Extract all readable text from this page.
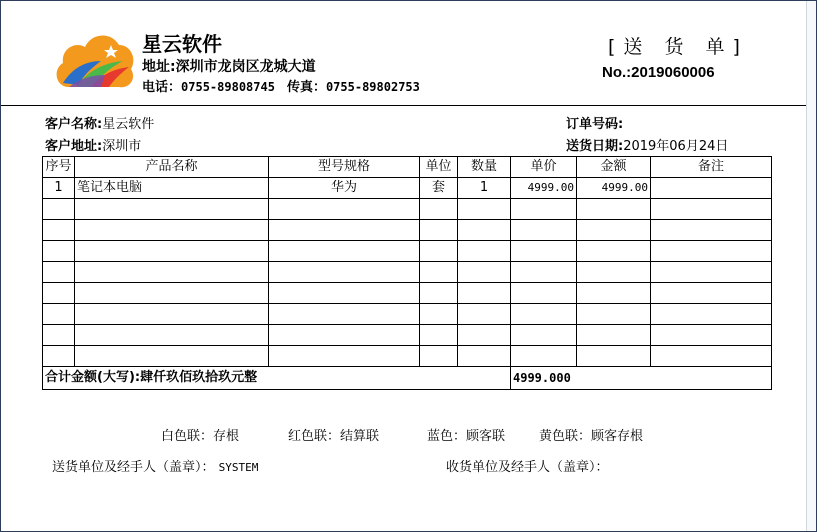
星云软件
地址:深圳市龙岗区龙城大道
电话：0755-89808745 传真：0755-89802753
[送 货 单]
No.:2019060006
客户名称:星云软件
客户地址:深圳市
订单号码:
送货日期:2019年06月24日
序号	产品名称	型号规格	单位	数量	单价	金额	备注
1	笔记本电脑	华为	套	1	4999.00	4999.00	

合计金额(大写):肆仟玖佰玖拾玖元整					4999.000		
白色联：存根	红色联：结算联	蓝色：顾客联	黄色联：顾客存根
送货单位及经手人（盖章）： SYSTEM	收货单位及经手人（盖章）：
